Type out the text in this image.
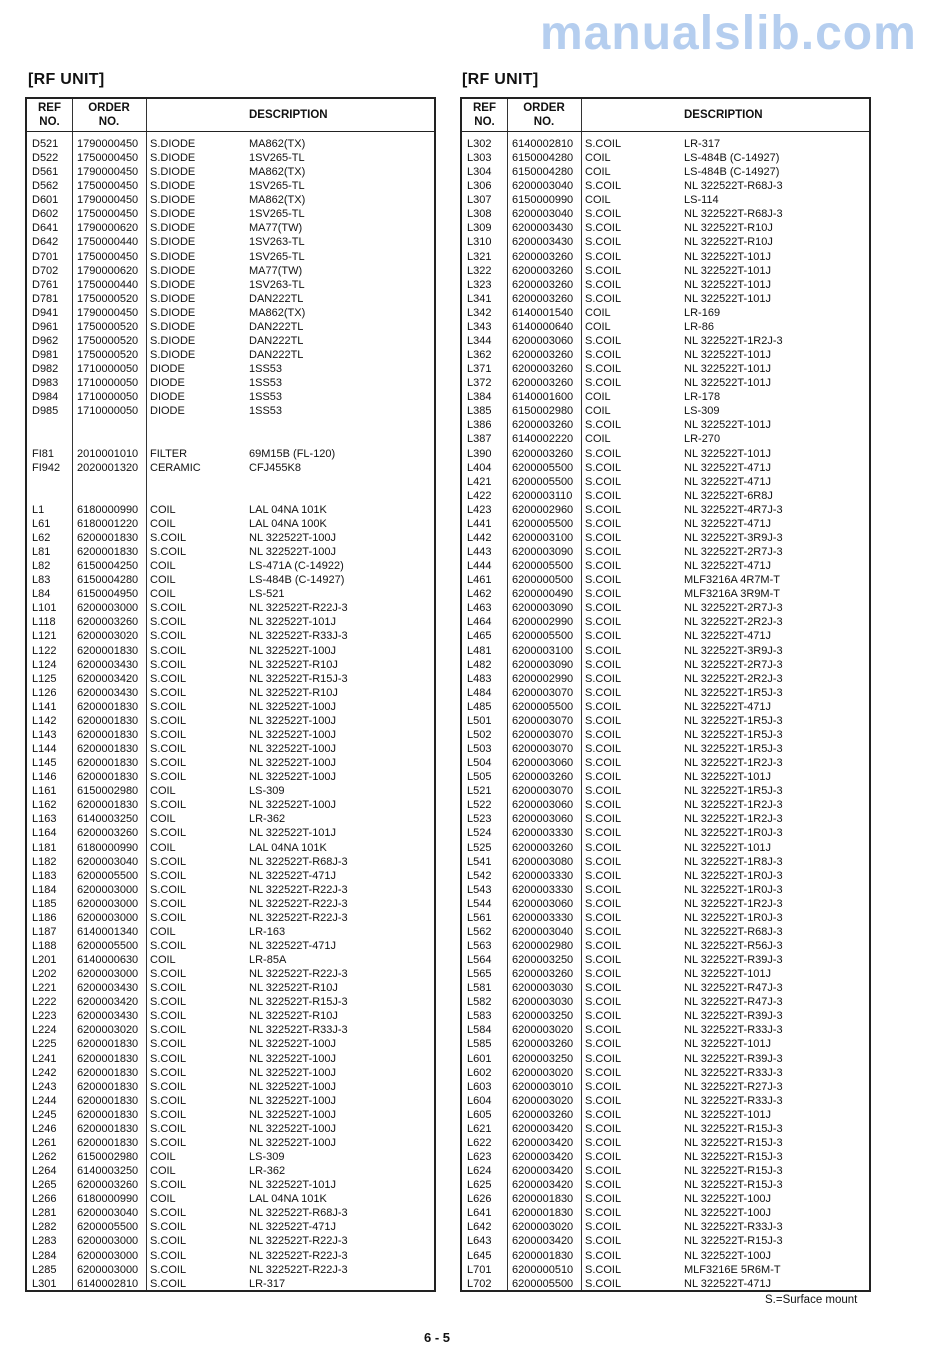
[RF UNIT]
REF
NO.
ORDER
NO.
DESCRIPTION
D521 1790000450 S.DIODE	MA862(TX)
D522 1750000450 S.DIODE	1SV265-TL
D561 1790000450 S.DIODE	MA862(TX)
D562 1750000450 S.DIODE	1SV265-TL
D601 1790000450 S.DIODE	MA862(TX)
D602 1750000450 S.DIODE	1SV265-TL
D641 1790000620 S.DIODE	MA77(TW)
D642 1750000440 S.DIODE	1SV263-TL
D701 1750000450 S.DIODE	1SV265-TL
D702 1790000620 S.DIODE	MA77(TW)
D761 1750000440 S.DIODE	1SV263-TL
D781 1750000520 S.DIODE	DAN222TL
D941 1790000450 S.DIODE	MA862(TX)
D961 1750000520 S.DIODE	DAN222TL
D962 1750000520 S.DIODE	DAN222TL
D981 1750000520 S.DIODE	DAN222TL
D982 1710000050 DIODE	1SS53
D983 1710000050 DIODE	1SS53
D984 1710000050 DIODE	1SS53
D985 1710000050 DIODE	1SS53
FI81 2010001010 FILTER	69M15B (FL-120)
FI942 2020001320 CERAMIC	CFJ455K8
L1	6180000990 COIL	LAL 04NA 101K
L61 6180001220 COIL	LAL 04NA 100K
L62 6200001830 S.COIL	NL 322522T-100J
L81 6200001830 S.COIL	NL 322522T-100J
L82 6150004250 COIL	LS-471A (C-14922)
L83 6150004280 COIL	LS-484B (C-14927)
L84 6150004950 COIL	LS-521
L101 6200003000 S.COIL	NL 322522T-R22J-3
L118 6200003260 S.COIL	NL 322522T-101J
L121 6200003020 S.COIL	NL 322522T-R33J-3
L122 6200001830 S.COIL	NL 322522T-100J
L124 6200003430 S.COIL	NL 322522T-R10J
L125 6200003420 S.COIL	NL 322522T-R15J-3
L126 6200003430 S.COIL	NL 322522T-R10J
L141 6200001830 S.COIL	NL 322522T-100J
L142 6200001830 S.COIL	NL 322522T-100J
L143 6200001830 S.COIL	NL 322522T-100J
L144 6200001830 S.COIL	NL 322522T-100J
L145 6200001830 S.COIL	NL 322522T-100J
L146 6200001830 S.COIL	NL 322522T-100J
L161 6150002980 COIL	LS-309
L162 6200001830 S.COIL	NL 322522T-100J
L163 6140003250 COIL	LR-362
L164 6200003260 S.COIL	NL 322522T-101J
L181 6180000990 COIL	LAL 04NA 101K
L182 6200003040 S.COIL	NL 322522T-R68J-3
L183 6200005500 S.COIL	NL 322522T-471J
L184 6200003000 S.COIL	NL 322522T-R22J-3
L185 6200003000 S.COIL	NL 322522T-R22J-3
L186 6200003000 S.COIL	NL 322522T-R22J-3
L187 6140001340 COIL	LR-163
L188 6200005500 S.COIL	NL 322522T-471J
L201 6140000630 COIL	LR-85A
L202 6200003000 S.COIL	NL 322522T-R22J-3
L221 6200003430 S.COIL	NL 322522T-R10J
L222 6200003420 S.COIL	NL 322522T-R15J-3
L223 6200003430 S.COIL	NL 322522T-R10J
L224 6200003020 S.COIL	NL 322522T-R33J-3
L225 6200001830 S.COIL	NL 322522T-100J
L241 6200001830 S.COIL	NL 322522T-100J
L242 6200001830 S.COIL	NL 322522T-100J
L243 6200001830 S.COIL	NL 322522T-100J
L244 6200001830 S.COIL	NL 322522T-100J
L245 6200001830 S.COIL	NL 322522T-100J
L246 6200001830 S.COIL	NL 322522T-100J
L261 6200001830 S.COIL	NL 322522T-100J
L262 6150002980 COIL	LS-309
L264 6140003250 COIL	LR-362
L265 6200003260 S.COIL	NL 322522T-101J
L266 6180000990 COIL	LAL 04NA 101K
L281 6200003040 S.COIL	NL 322522T-R68J-3
L282 6200005500 S.COIL	NL 322522T-471J
L283 6200003000 S.COIL	NL 322522T-R22J-3
L284 6200003000 S.COIL	NL 322522T-R22J-3
L285 6200003000 S.COIL	NL 322522T-R22J-3
L301 6140002810 S.COIL	LR-317
[RF UNIT]
REF
NO.
ORDER
NO.
DESCRIPTION
L302 6140002810 S.COIL	LR-317
L303 6150004280 COIL	LS-484B (C-14927)
L304 6150004280 COIL	LS-484B (C-14927)
L306 6200003040 S.COIL	NL 322522T-R68J-3
L307 6150000990 COIL	LS-114
L308 6200003040 S.COIL	NL 322522T-R68J-3
L309 6200003430 S.COIL	NL 322522T-R10J
L310 6200003430 S.COIL	NL 322522T-R10J
L321 6200003260 S.COIL	NL 322522T-101J
L322 6200003260 S.COIL	NL 322522T-101J
L323 6200003260 S.COIL	NL 322522T-101J
L341 6200003260 S.COIL	NL 322522T-101J
L342 6140001540 COIL	LR-169
L343 6140000640 COIL	LR-86
L344 6200003060 S.COIL	NL 322522T-1R2J-3
L362 6200003260 S.COIL	NL 322522T-101J
L371 6200003260 S.COIL	NL 322522T-101J
L372 6200003260 S.COIL	NL 322522T-101J
L384 6140001600 COIL	LR-178
L385 6150002980 COIL	LS-309
L386 6200003260 S.COIL	NL 322522T-101J
L387 6140002220 COIL	LR-270
L390 6200003260 S.COIL	NL 322522T-101J
L404 6200005500 S.COIL	NL 322522T-471J
L421 6200005500 S.COIL	NL 322522T-471J
L422 6200003110 S.COIL	NL 322522T-6R8J
L423 6200002960 S.COIL	NL 322522T-4R7J-3
L441 6200005500 S.COIL	NL 322522T-471J
L442 6200003100 S.COIL	NL 322522T-3R9J-3
L443 6200003090 S.COIL	NL 322522T-2R7J-3
L444 6200005500 S.COIL	NL 322522T-471J
L461 6200000500 S.COIL	MLF3216A 4R7M-T
L462 6200000490 S.COIL	MLF3216A 3R9M-T
L463 6200003090 S.COIL	NL 322522T-2R7J-3
L464 6200002990 S.COIL	NL 322522T-2R2J-3
L465 6200005500 S.COIL	NL 322522T-471J
L481 6200003100 S.COIL	NL 322522T-3R9J-3
L482 6200003090 S.COIL	NL 322522T-2R7J-3
L483 6200002990 S.COIL	NL 322522T-2R2J-3
L484 6200003070 S.COIL	NL 322522T-1R5J-3
L485 6200005500 S.COIL	NL 322522T-471J
L501 6200003070 S.COIL	NL 322522T-1R5J-3
L502 6200003070 S.COIL	NL 322522T-1R5J-3
L503 6200003070 S.COIL	NL 322522T-1R5J-3
L504 6200003060 S.COIL	NL 322522T-1R2J-3
L505 6200003260 S.COIL	NL 322522T-101J
L521 6200003070 S.COIL	NL 322522T-1R5J-3
L522 6200003060 S.COIL	NL 322522T-1R2J-3
L523 6200003060 S.COIL	NL 322522T-1R2J-3
L524 6200003330 S.COIL	NL 322522T-1R0J-3
L525 6200003260 S.COIL	NL 322522T-101J
L541 6200003080 S.COIL	NL 322522T-1R8J-3
L542 6200003330 S.COIL	NL 322522T-1R0J-3
L543 6200003330 S.COIL	NL 322522T-1R0J-3
L544 6200003060 S.COIL	NL 322522T-1R2J-3
L561 6200003330 S.COIL	NL 322522T-1R0J-3
L562 6200003040 S.COIL	NL 322522T-R68J-3
L563 6200002980 S.COIL	NL 322522T-R56J-3
L564 6200003250 S.COIL	NL 322522T-R39J-3
L565 6200003260 S.COIL	NL 322522T-101J
L581 6200003030 S.COIL	NL 322522T-R47J-3
L582 6200003030 S.COIL	NL 322522T-R47J-3
L583 6200003250 S.COIL	NL 322522T-R39J-3
L584 6200003020 S.COIL	NL 322522T-R33J-3
L585 6200003260 S.COIL	NL 322522T-101J
L601 6200003250 S.COIL	NL 322522T-R39J-3
L602 6200003020 S.COIL	NL 322522T-R33J-3
L603 6200003010 S.COIL	NL 322522T-R27J-3
L604 6200003020 S.COIL	NL 322522T-R33J-3
L605 6200003260 S.COIL	NL 322522T-101J
L621 6200003420 S.COIL	NL 322522T-R15J-3
L622 6200003420 S.COIL	NL 322522T-R15J-3
L623 6200003420 S.COIL	NL 322522T-R15J-3
L624 6200003420 S.COIL	NL 322522T-R15J-3
L625 6200003420 S.COIL	NL 322522T-R15J-3
L626 6200001830 S.COIL	NL 322522T-100J
L641 6200001830 S.COIL	NL 322522T-100J
L642 6200003020 S.COIL	NL 322522T-R33J-3
L643 6200003420 S.COIL	NL 322522T-R15J-3
L645 6200001830 S.COIL	NL 322522T-100J
L701 6200000510 S.COIL	MLF3216E 5R6M-T
L702 6200005500 S.COIL	NL 322522T-471J
S.=Surface mount
6 - 5
manualslib.com
